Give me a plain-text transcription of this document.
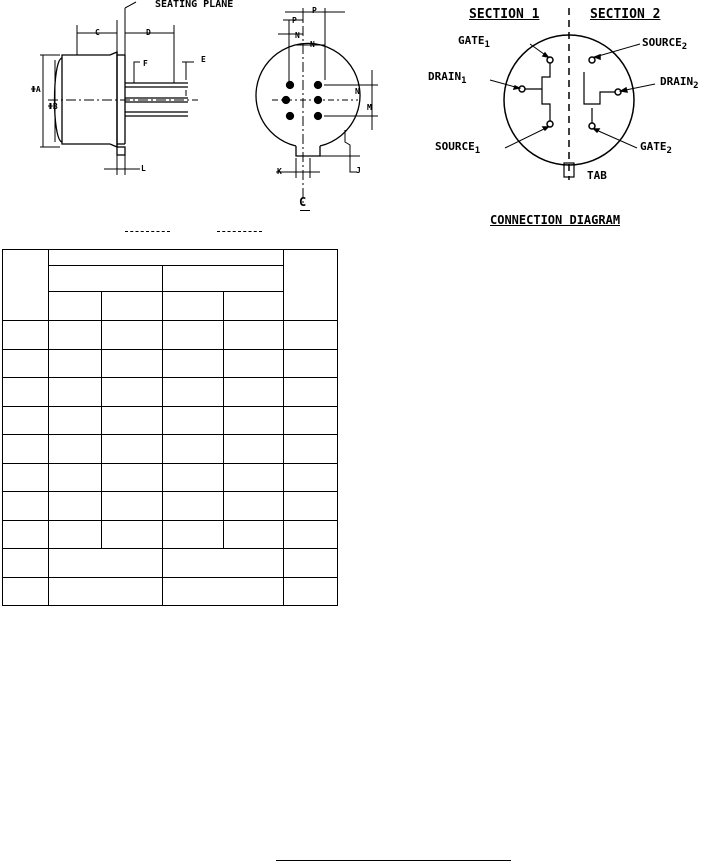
SEATING PLANE
C	D
F	E
ΦA
ΦB
L
P
P
N
N
N
M
K	J
C
SECTION 1	SECTION 2
$GATE_1$
$DRAIN_1$
$SOURCE_1$
$SOURCE_2$
$DRAIN_2$
$GATE_2$
TAB
CONNECTION DIAGRAM
